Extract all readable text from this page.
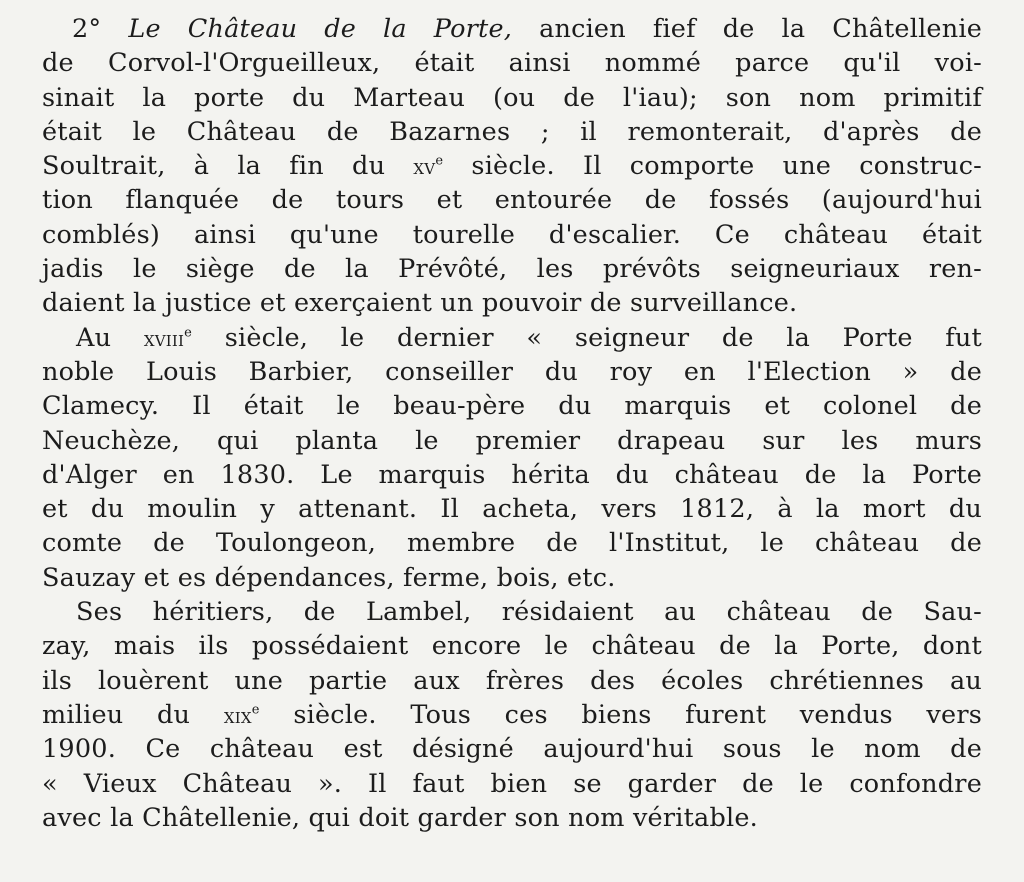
2° Le Château de la Porte, ancien fief de la Châtellenie
de Corvol-l'Orgueilleux, était ainsi nommé parce qu'il voi-
sinait la porte du Marteau (ou de l'iau); son nom primitif
était le Château de Bazarnes ; il remonterait, d'après de
Soultrait, à la fin du $xv^e$ siècle. Il comporte une construc-
tion flanquée de tours et entourée de fossés (aujourd'hui
comblés) ainsi qu'une tourelle d'escalier. Ce château était
jadis le siège de la Prévôté, les prévôts seigneuriaux ren-
daient la justice et exerçaient un pouvoir de surveillance.
Au xviii$^e$ siècle, le dernier « seigneur de la Porte fut
noble Louis Barbier, conseiller du roy en l'Election » de
Clamecy. Il était le beau-père du marquis et colonel de
Neuchèze, qui planta le premier drapeau sur les murs
d'Alger en 1830. Le marquis hérita du château de la Porte
et du moulin y attenant. Il acheta, vers 1812, à la mort du
comte de Toulongeon, membre de l'Institut, le château de
Sauzay et es dépendances, ferme, bois, etc.
Ses héritiers, de Lambel, résidaient au château de Sau-
zay, mais ils possédaient encore le château de la Porte, dont
ils louèrent une partie aux frères des écoles chrétiennes au
milieu du xix$^e$ siècle. Tous ces biens furent vendus vers
1900. Ce château est désigné aujourd'hui sous le nom de
« Vieux Château ». Il faut bien se garder de le confondre
avec la Châtellenie, qui doit garder son nom véritable.
